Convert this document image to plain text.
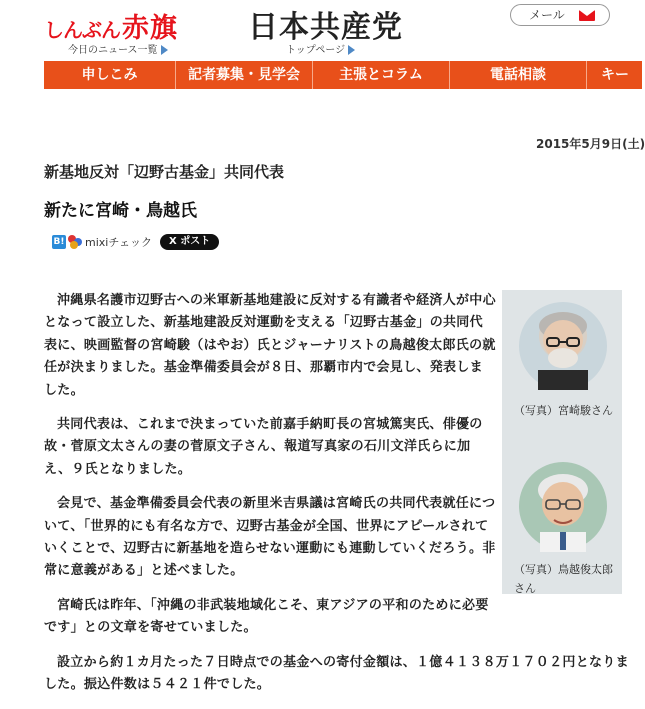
しんぶん赤旗
今日のニュース一覧
日本共産党
トップページ
メール
申しこみ	記者募集・見学会	主張とコラム	電話相談	キーワ
2015年5月9日(土)
新基地反対「辺野古基金」共同代表
新たに宮崎・鳥越氏
B! mixiチェック	X ポスト

沖縄県名護市辺野古への米軍新基地建設に反対する有識者や経済人が中心となって設立した、新基地建設反対運動を支える「辺野古基金」の共同代表に、映画監督の宮崎駿（はやお）氏とジャーナリストの鳥越俊太郎氏の就任が決まりました。基金準備委員会が８日、那覇市内で会見し、発表しました。

共同代表は、これまで決まっていた前嘉手納町長の宮城篤実氏、俳優の故・菅原文太さんの妻の菅原文子さん、報道写真家の石川文洋氏らに加え、９氏となりました。

会見で、基金準備委員会代表の新里米吉県議は宮崎氏の共同代表就任について、「世界的にも有名な方で、辺野古基金が全国、世界にアピールされていくことで、辺野古に新基地を造らせない運動にも連動していくだろう。非常に意義がある」と述べました。

宮崎氏は昨年、「沖縄の非武装地域化こそ、東アジアの平和のために必要です」との文章を寄せていました。

設立から約１カ月たった７日時点での基金への寄付金額は、１億４１３８万１７０２円となりました。振込件数は５４２１件でした。

（写真）宮崎駿さん
（写真）鳥越俊太郎さん
